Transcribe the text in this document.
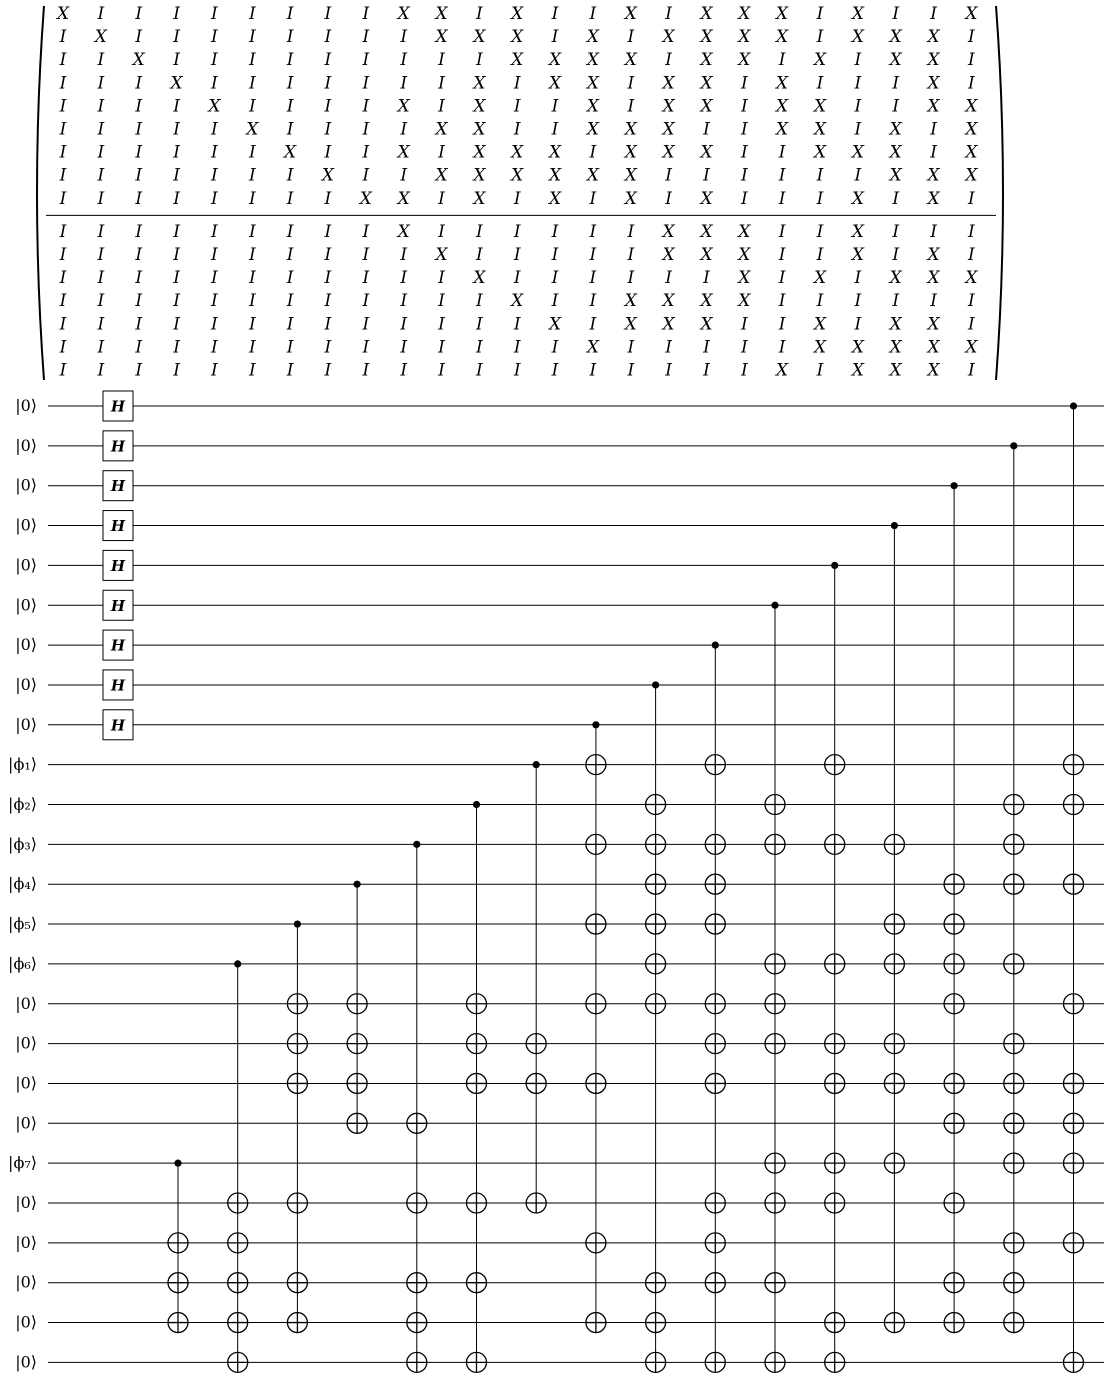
X I I I I I I I I X X I X I I X I X X X I X I I X
I X I I I I I I I I X X X I X I X X X X I X X X I
I I X I I I I I I I I I X X X X I X X I X I X X I
I I I X I I I I I I I X I X X I X X I X I I I X I
I I I I X I I I I X I X I I X I X X I X X I I X X
I I I I I X I I I I X X I I X X X I I X X I X I X
I I I I I I X I I X I X X X I X X X I I X X X I X
I I I I I I I X I I X X X X X X I I I I I I X X X
I I I I I I I I X X I X I X I X I X I I I X I X I
I I I I I I I I I X I I I I I I X X X I I X I I I
I I I I I I I I I I X I I I I I X X X I I X I X I
I I I I I I I I I I I X I I I I I I X I X I X X X
I I I I I I I I I I I I X I I X X X X I I I I I I
I I I I I I I I I I I I I X I X X X I I X I X X I
I I I I I I I I I I I I I I X I I I I I X X X X X
I I I I I I I I I I I I I I I I I I I X I X X X I
H
H
H
H
H
H
H
H
H
|0⟩
|0⟩
|0⟩
|0⟩
|0⟩
|0⟩
|0⟩
|0⟩
|0⟩
|ϕ₁⟩
|ϕ₂⟩
|ϕ₃⟩
|ϕ₄⟩
|ϕ₅⟩
|ϕ₆⟩
|0⟩
|0⟩
|0⟩
|0⟩
|ϕ₇⟩
|0⟩
|0⟩
|0⟩
|0⟩
|0⟩
